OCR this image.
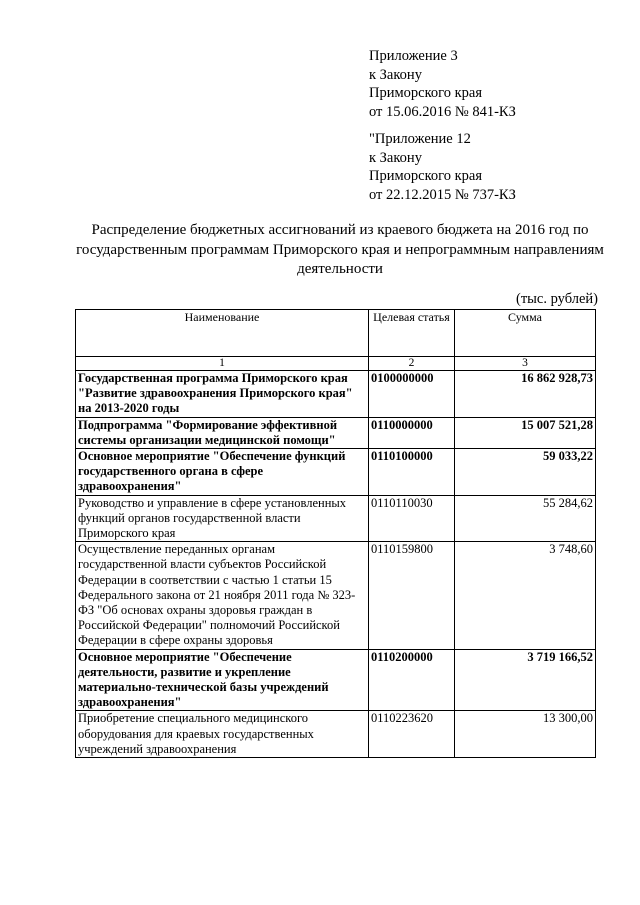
Приложение 3
к Закону
Приморского края
от 15.06.2016 № 841-КЗ
"Приложение 12
к Закону
Приморского края
от 22.12.2015 № 737-КЗ
Распределение бюджетных ассигнований из краевого бюджета на 2016 год по государственным программам Приморского края и непрограммным направлениям деятельности
(тыс. рублей)
Наименование	Целевая статья	Сумма
1	2	3
Государственная программа Приморского края "Развитие здравоохранения Приморского края" на 2013-2020 годы	0100000000	16 862 928,73
Подпрограмма "Формирование эффективной системы организации медицинской помощи"	0110000000	15 007 521,28
Основное мероприятие "Обеспечение функций государственного органа в сфере здравоохранения"	0110100000	59 033,22
Руководство и управление в сфере установленных функций органов государственной власти Приморского края	0110110030	55 284,62
Осуществление переданных органам государственной власти субъектов Российской Федерации в соответствии с частью 1 статьи 15 Федерального закона от 21 ноября 2011 года № 323-ФЗ "Об основах охраны здоровья граждан в Российской Федерации" полномочий Российской Федерации в сфере охраны здоровья	0110159800	3 748,60
Основное мероприятие "Обеспечение деятельности, развитие и укрепление материально-технической базы учреждений здравоохранения"	0110200000	3 719 166,52
Приобретение специального медицинского оборудования для краевых государственных учреждений здравоохранения	0110223620	13 300,00
